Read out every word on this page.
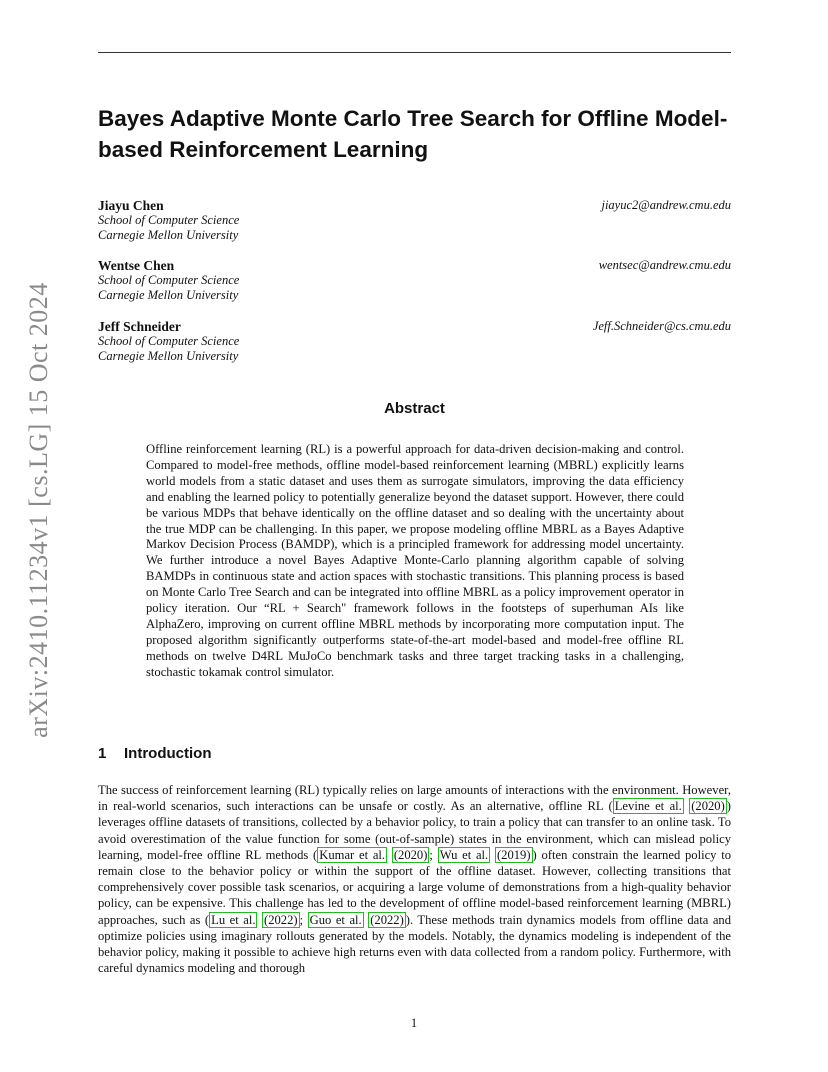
arXiv:2410.11234v1 [cs.LG] 15 Oct 2024
Bayes Adaptive Monte Carlo Tree Search for Offline Model-based Reinforcement Learning
Jiayu Chen
School of Computer Science
Carnegie Mellon University
jiayuc2@andrew.cmu.edu
Wentse Chen
School of Computer Science
Carnegie Mellon University
wentsec@andrew.cmu.edu
Jeff Schneider
School of Computer Science
Carnegie Mellon University
Jeff.Schneider@cs.cmu.edu
Abstract

Offline reinforcement learning (RL) is a powerful approach for data-driven decision-making and control. Compared to model-free methods, offline model-based reinforcement learning (MBRL) explicitly learns world models from a static dataset and uses them as surrogate simulators, improving the data efficiency and enabling the learned policy to potentially generalize beyond the dataset support. However, there could be various MDPs that behave identically on the offline dataset and so dealing with the uncertainty about the true MDP can be challenging. In this paper, we propose modeling offline MBRL as a Bayes Adaptive Markov Decision Process (BAMDP), which is a principled framework for addressing model uncertainty. We further introduce a novel Bayes Adaptive Monte-Carlo planning algorithm capable of solving BAMDPs in continuous state and action spaces with stochastic transitions. This planning process is based on Monte Carlo Tree Search and can be integrated into offline MBRL as a policy improvement operator in policy iteration. Our “RL + Search" framework follows in the footsteps of superhuman AIs like AlphaZero, improving on current offline MBRL methods by incorporating more computation input. The proposed algorithm significantly outperforms state-of-the-art model-based and model-free offline RL methods on twelve D4RL MuJoCo benchmark tasks and three target tracking tasks in a challenging, stochastic tokamak control simulator.

1 Introduction

The success of reinforcement learning (RL) typically relies on large amounts of interactions with the environment. However, in real-world scenarios, such interactions can be unsafe or costly. As an alternative, offline RL ( Levine et al. (2020) ) leverages offline datasets of transitions, collected by a behavior policy, to train a policy that can transfer to an online task. To avoid overestimation of the value function for some (out-of-sample) states in the environment, which can mislead policy learning, model-free offline RL methods ( Kumar et al. (2020) ; Wu et al. (2019) ) often constrain the learned policy to remain close to the behavior policy or within the support of the offline dataset. However, collecting transitions that comprehensively cover possible task scenarios, or acquiring a large volume of demonstrations from a high-quality behavior policy, can be expensive. This challenge has led to the development of offline model-based reinforcement learning (MBRL) approaches, such as ( Lu et al. (2022) ; Guo et al. (2022) ). These methods train dynamics models from offline data and optimize policies using imaginary rollouts generated by the models. Notably, the dynamics modeling is independent of the behavior policy, making it possible to achieve high returns even with data collected from a random policy. Furthermore, with careful dynamics modeling and thorough

1
